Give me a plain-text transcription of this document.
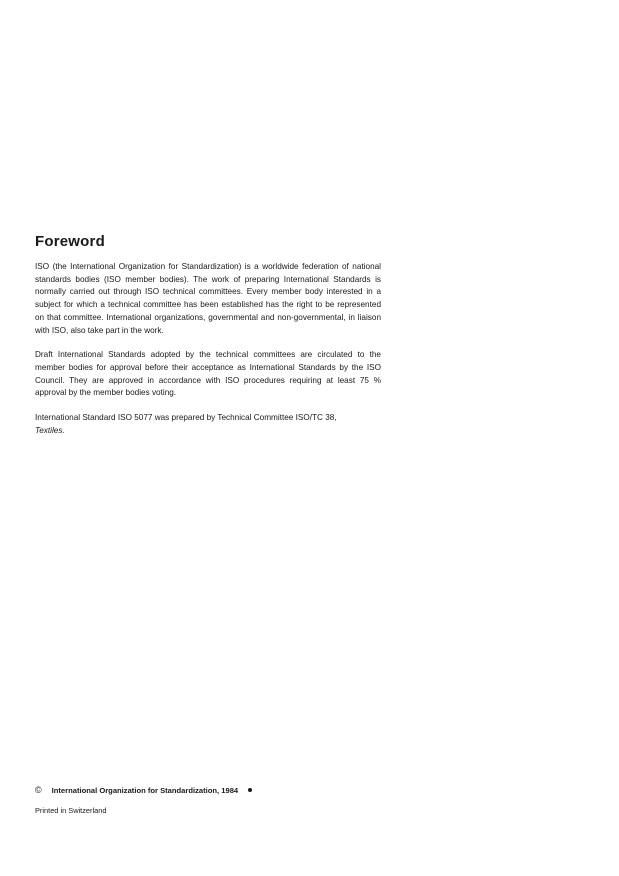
Foreword

ISO (the International Organization for Standardization) is a worldwide federation of national standards bodies (ISO member bodies). The work of preparing International Standards is normally carried out through ISO technical committees. Every member body interested in a subject for which a technical committee has been established has the right to be represented on that committee. International organizations, governmental and non-governmental, in liaison with ISO, also take part in the work.

Draft International Standards adopted by the technical committees are circulated to the member bodies for approval before their acceptance as International Standards by the ISO Council. They are approved in accordance with ISO procedures requiring at least 75 % approval by the member bodies voting.

International Standard ISO 5077 was prepared by Technical Committee ISO/TC 38,
Textiles.

© International Organization for Standardization, 1984
Printed in Switzerland
